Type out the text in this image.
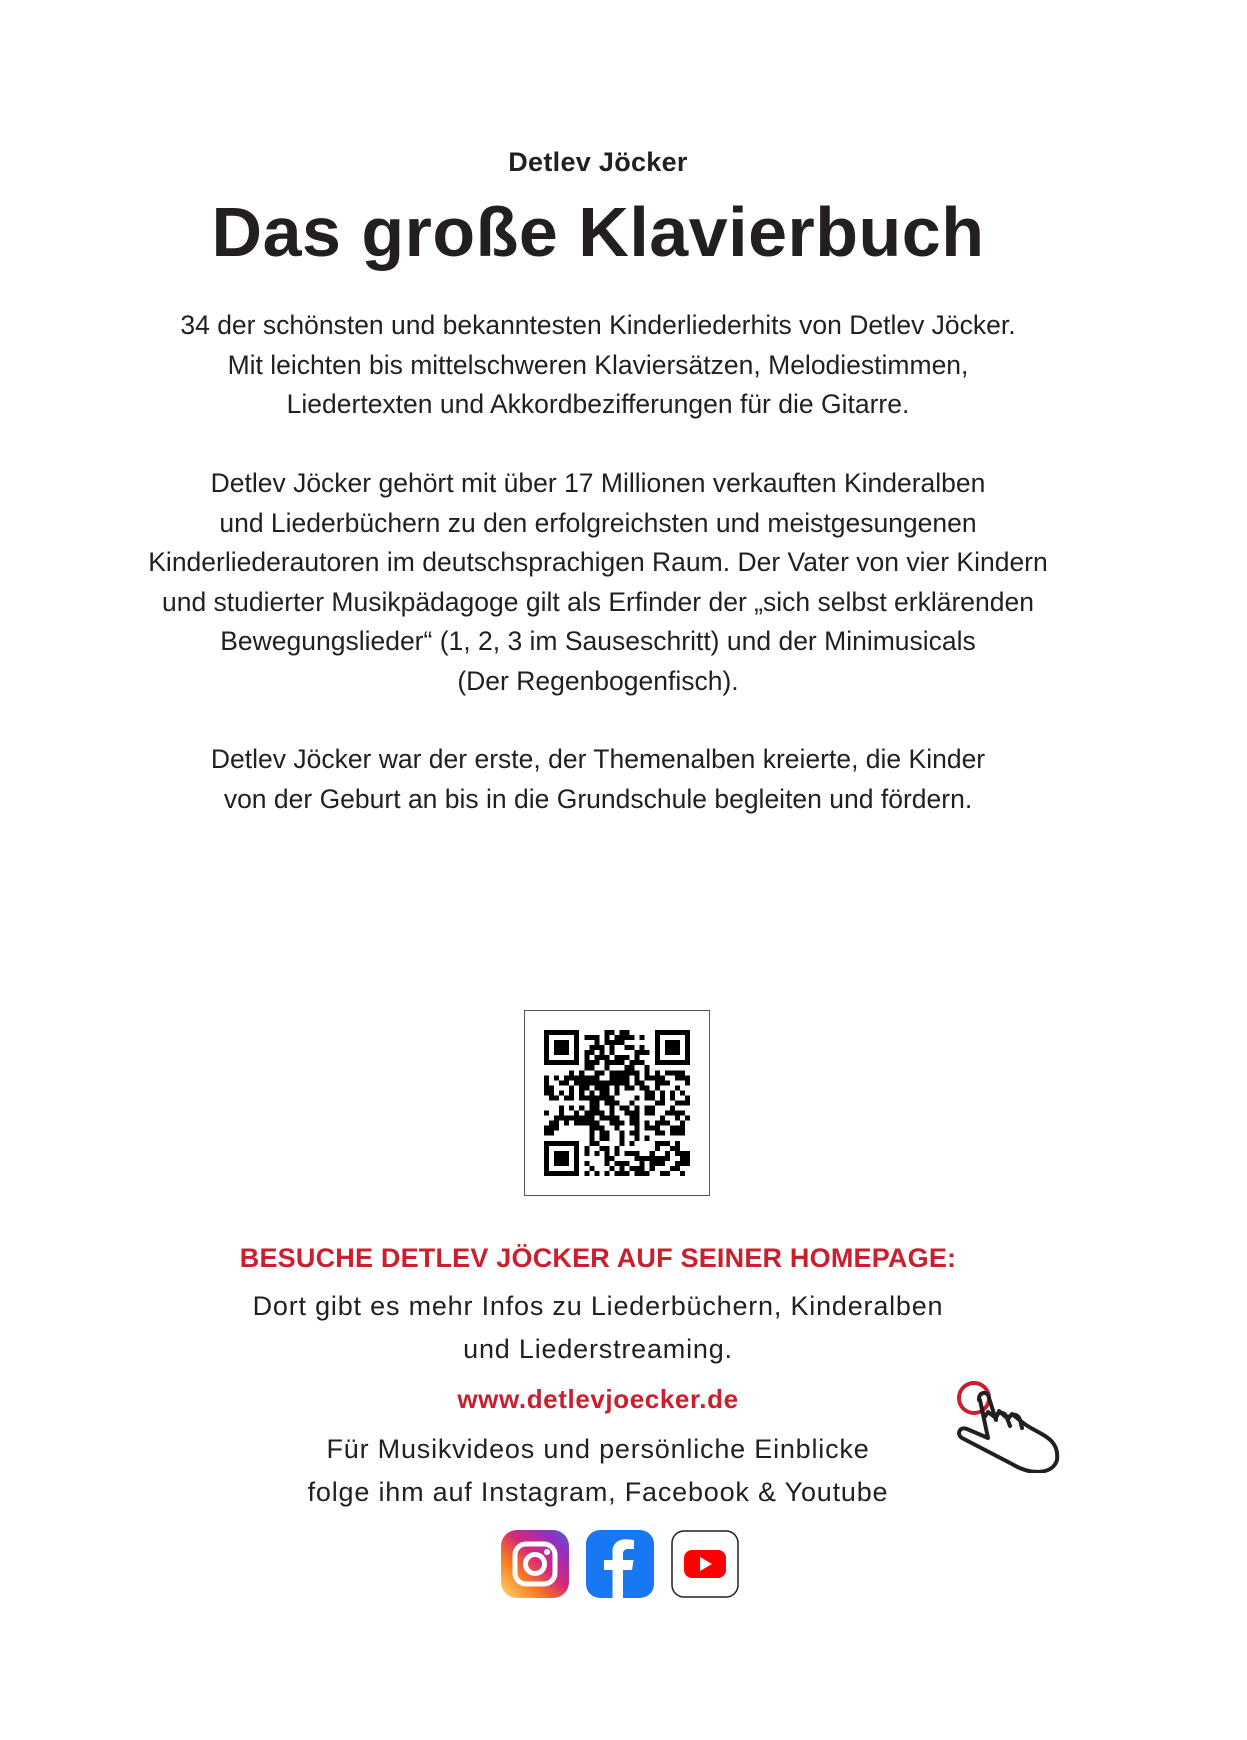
Detlev Jöcker
Das große Klavierbuch

34 der schönsten und bekanntesten Kinderliederhits von Detlev Jöcker.

Mit leichten bis mittelschweren Klaviersätzen, Melodiestimmen,

Liedertexten und Akkordbezifferungen für die Gitarre.

Detlev Jöcker gehört mit über 17 Millionen verkauften Kinderalben

und Liederbüchern zu den erfolgreichsten und meistgesungenen

Kinderliederautoren im deutschsprachigen Raum. Der Vater von vier Kindern

und studierter Musikpädagoge gilt als Erfinder der „sich selbst erklärenden

Bewegungslieder“ (1, 2, 3 im Sauseschritt) und der Minimusicals

(Der Regenbogenfisch).

Detlev Jöcker war der erste, der Themenalben kreierte, die Kinder

von der Geburt an bis in die Grundschule begleiten und fördern.

BESUCHE DETLEV JÖCKER AUF SEINER HOMEPAGE:

Dort gibt es mehr Infos zu Liederbüchern, Kinderalben

und Liederstreaming.

www.detlevjoecker.de

Für Musikvideos und persönliche Einblicke

folge ihm auf Instagram, Facebook & Youtube
